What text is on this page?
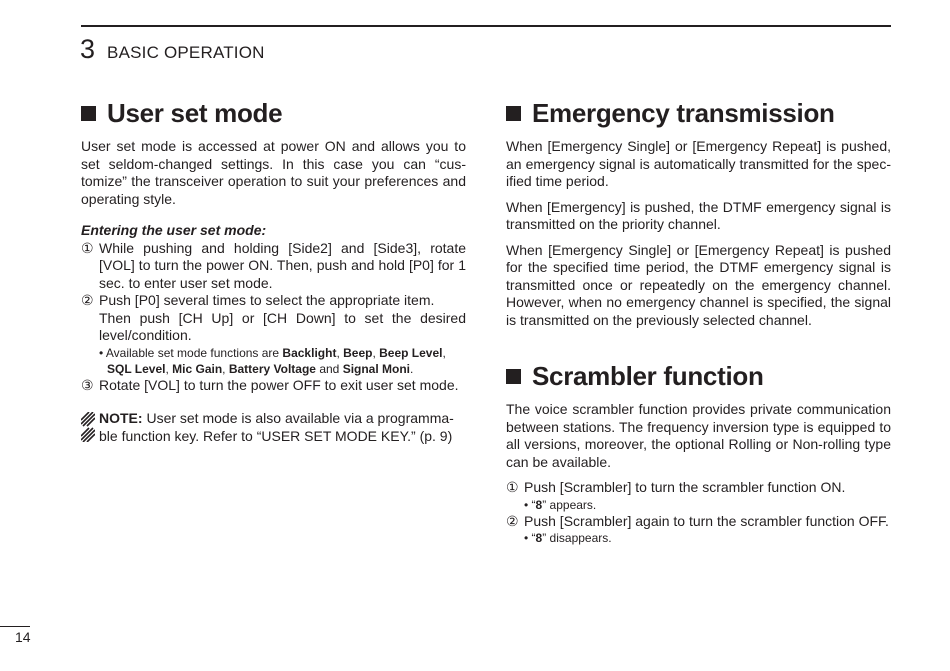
3 BASIC OPERATION
User set mode

User set mode is accessed at power ON and allows you to set seldom-changed settings. In this case you can “cus-tomize” the transceiver operation to suit your preferences and operating style.

Entering the user set mode:
① While pushing and holding [Side2] and [Side3], rotate [VOL] to turn the power ON. Then, push and hold [P0] for 1 sec. to enter user set mode.
② Push [P0] several times to select the appropriate item.
Then push [CH Up] or [CH Down] to set the desired level/condition.
• Available set mode functions are Backlight, Beep, Beep Level,
SQL Level, Mic Gain, Battery Voltage and Signal Moni.
③ Rotate [VOL] to turn the power OFF to exit user set mode.
NOTE: User set mode is also available via a programma-ble function key. Refer to “USER SET MODE KEY.” (p. 9)
Emergency transmission

When [Emergency Single] or [Emergency Repeat] is pushed, an emergency signal is automatically transmitted for the spec-ified time period.

When [Emergency] is pushed, the DTMF emergency signal is transmitted on the priority channel.

When [Emergency Single] or [Emergency Repeat] is pushed for the specified time period, the DTMF emergency signal is transmitted once or repeatedly on the emergency channel. However, when no emergency channel is specified, the signal is transmitted on the previously selected channel.

Scrambler function

The voice scrambler function provides private communication between stations. The frequency inversion type is equipped to all versions, moreover, the optional Rolling or Non-rolling type can be available.

① Push [Scrambler] to turn the scrambler function ON.
• “8” appears.
② Push [Scrambler] again to turn the scrambler function OFF.
• “8” disappears.
14
